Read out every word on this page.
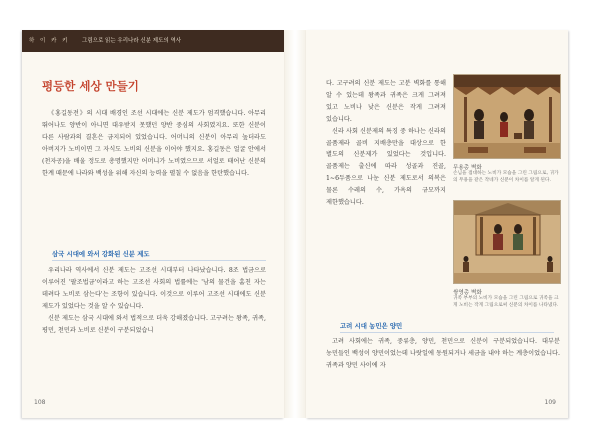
하 이 카 키 그림으로 읽는 우리나라 신분 제도의 역사
평등한 세상 만들기

《홍길동전》의 시대 배경인 조선 시대에는 신분 제도가 엄격했습니다. 아무리 뛰어나도 양반이 아니면 대우받지 못했던 양반 중심의 사회였지요. 또한 신분이 다른 사람과의 결혼은 금지되어 있었습니다. 어머니의 신분이 아무리 높더라도 아버지가 노비이면 그 자식도 노비의 신분을 이어야 했지요. 홍길동은 얼굴 안에서(천자공)을 배울 정도로 총명했지만 어머니가 노비였으므로 서얼로 태어난 신분의 한계 때문에 나라와 백성을 위해 자신의 능력을 펼칠 수 없음을 한탄했습니다.

삼국 시대에 와서 강화된 신분 제도

우리나라 역사에서 신분 제도는 고조선 시대부터 나타났습니다. 8조 법금으로 이루어진 '팔조법금'이라고 하는 고조선 사회의 법률에는 '남의 물건을 훔친 자는 데려다 노비로 삼는다'는 조항이 있습니다. 이것으로 이루어 고조선 시대에도 신분 제도가 있었다는 것을 알 수 있습니다.

신분 제도는 삼국 시대에 와서 법적으로 더욱 강해졌습니다. 고구려는 왕족, 귀족, 평민, 천민과 노비로 신분이 구분되었습니

108

다. 고구려의 신분 제도는 고분 벽화를 통해 알 수 있는데 왕족과 귀족은 크게 그려져 있고 노비나 낮은 신분은 작게 그려져 있습니다.

신라 사회 신분제의 특징 중 하나는 신라의 골품제라 골비 지배층만을 대상으로 한 별도의 신분제가 있었다는 것입니다. 골품제는 출신에 따라 성골과 진골, 1~6두품으로 나눈 신분 제도로서 의복은 물론 수레의 수, 가옥의 규모까지 제한했습니다.

무용총 벽화
손님을 접대하는 노비가 모습을 그린 그림으로, 귀가의 무용을 같은 작네가 신분이 차이를 알게 된다.
쌍영총 벽화
귀족 부부의 노비가 모습을 그린 그림으로 귀족을 크게 노비는 작게 그림으로써 신분의 차이를 나타냈다.
고려 시대 농민은 양민

고려 사회에는 귀족, 중류층, 양민, 천민으로 신분이 구분되었습니다. 대부분 농민들인 백성이 양민이었는데 나랏일에 동원되거나 세금을 내야 하는 계층이었습니다. 귀족과 양민 사이에 자

109
